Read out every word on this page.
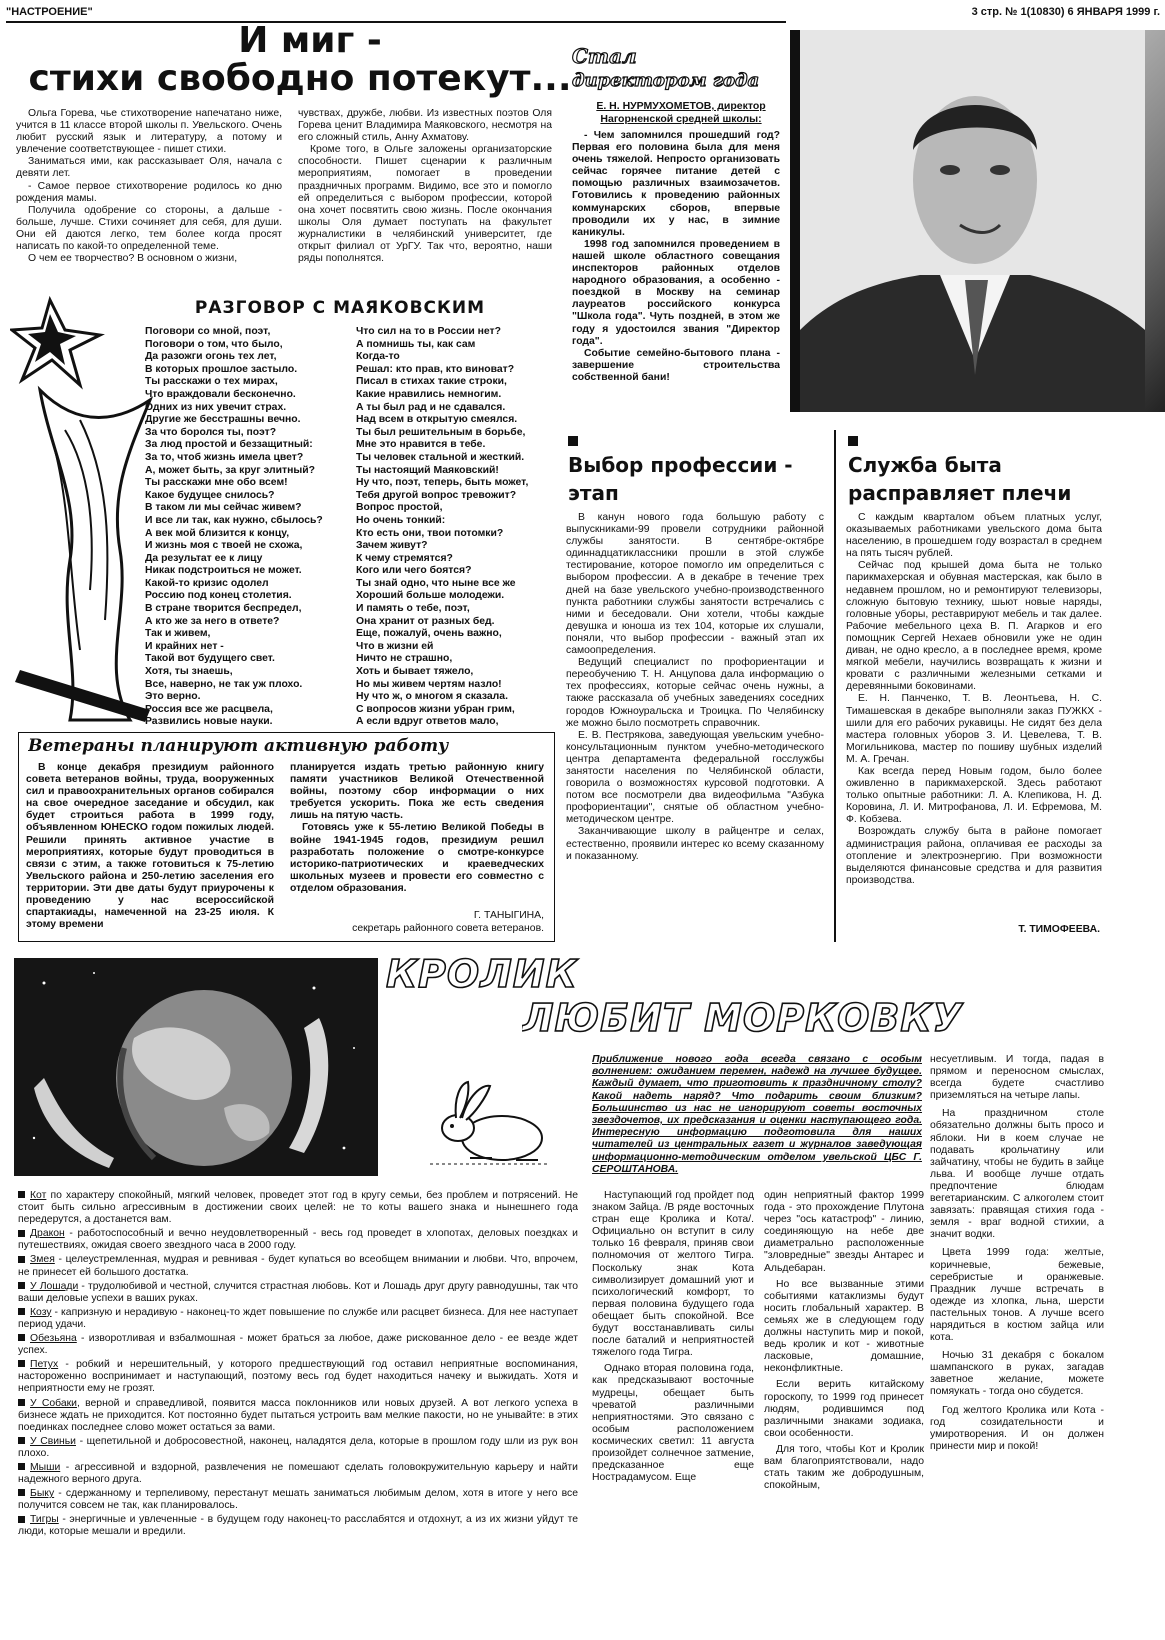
"НАСТРОЕНИЕ"	3 стр. № 1(10830) 6 ЯНВАРЯ 1999 г.
И миг -
стихи свободно потекут...

Ольга Горева, чье стихотворение напечатано ниже, учится в 11 классе второй школы п. Увельского. Очень любит русский язык и литературу, а потому и увлечение соответствующее - пишет стихи.

Заниматься ими, как рассказывает Оля, начала с девяти лет.

- Самое первое стихотворение родилось ко дню рождения мамы.

Получила одобрение со стороны, а дальше - больше, лучше. Стихи сочиняет для себя, для души. Они ей даются легко, тем более когда просят написать по какой-то определенной теме.

О чем ее творчество? В основном о жизни,

чувствах, дружбе, любви. Из известных поэтов Оля Горева ценит Владимира Маяковского, несмотря на его сложный стиль, Анну Ахматову.

Кроме того, в Ольге заложены организаторские способности. Пишет сценарии к различным мероприятиям, помогает в проведении праздничных программ. Видимо, все это и помогло ей определиться с выбором профессии, которой она хочет посвятить свою жизнь. После окончания школы Оля думает поступать на факультет журналистики в челябинский университет, где открыт филиал от УрГУ. Так что, вероятно, наши ряды пополнятся.

РАЗГОВОР С МАЯКОВСКИМ
Поговори со мной, поэт,
Поговори о том, что было,
Да разожги огонь тех лет,
В которых прошлое застыло.
Ты расскажи о тех мирах,
Что враждовали бесконечно.
Одних из них увечит страх.
Другие же бесстрашны вечно.
За что боролся ты, поэт?
За люд простой и беззащитный:
За то, чтоб жизнь имела цвет?
А, может быть, за круг элитный?
Ты расскажи мне обо всем!
Какое будущее снилось?
В таком ли мы сейчас живем?
И все ли так, как нужно, сбылось?
А век мой близится к концу,
И жизнь моя с твоей не схожа,
Да результат ее к лицу
Никак подстроиться не может.
Какой-то кризис одолел
Россию под конец столетия.
В стране творится беспредел,
А кто же за него в ответе?
Так и живем,
И крайних нет -
Такой вот будущего свет.
Хотя, ты знаешь,
Все, наверно, не так уж плохо.
Это верно.
Россия все же расцвела,
Развились новые науки.
Что сил на то в России нет?
А помнишь ты, как сам
Когда-то
Решал: кто прав, кто виноват?
Писал в стихах такие строки,
Какие нравились немногим.
А ты был рад и не сдавался.
Над всем в открытую смеялся.
Ты был решительным в борьбе,
Мне это нравится в тебе.
Ты человек стальной и жесткий.
Ты настоящий Маяковский!
Ну что, поэт, теперь, быть может,
Тебя другой вопрос тревожит?
Вопрос простой,
Но очень тонкий:
Кто есть они, твои потомки?
Зачем живут?
К чему стремятся?
Кого или чего боятся?
Ты знай одно, что ныне все же
Хороший больше молодежи.
И память о тебе, поэт,
Она хранит от разных бед.
Еще, пожалуй, очень важно,
Что в жизни ей
Ничто не страшно,
Хоть и бывает тяжело,
Но мы живем чертям назло!
Ну что ж, о многом я сказала.
С вопросов жизни убран грим,
А если вдруг ответов мало,
Стал
директором года
Е. Н. НУРМУХОМЕТОВ, директор Нагорненской средней школы:

- Чем запомнился прошедший год? Первая его половина была для меня очень тяжелой. Непросто организовать сейчас горячее питание детей с помощью различных взаимозачетов. Готовились к проведению районных коммунарских сборов, впервые проводили их у нас, в зимние каникулы.

1998 год запомнился проведением в нашей школе областного совещания инспекторов районных отделов народного образования, а особенно - поездкой в Москву на семинар лауреатов российского конкурса "Школа года". Чуть поздней, в этом же году я удостоился звания "Директор года".

Событие семейно-бытового плана - завершение строительства собственной бани!

Выбор профессии -
этап

В канун нового года большую работу с выпускниками-99 провели сотрудники районной службы занятости. В сентябре-октябре одиннадцатиклассники прошли в этой службе тестирование, которое помогло им определиться с выбором профессии. А в декабре в течение трех дней на базе увельского учебно-производственного пункта работники службы занятости встречались с ними и беседовали. Они хотели, чтобы каждые девушка и юноша из тех 104, которые их слушали, поняли, что выбор профессии - важный этап их самоопределения.

Ведущий специалист по профориентации и переобучению Т. Н. Анцупова дала информацию о тех профессиях, которые сейчас очень нужны, а также рассказала об учебных заведениях соседних городов Южноуральска и Троицка. По Челябинску же можно было посмотреть справочник.

Е. В. Пестрякова, заведующая увельским учебно-консультационным пунктом учебно-методического центра департамента федеральной госслужбы занятости населения по Челябинской области, говорила о возможностях курсовой подготовки. А потом все посмотрели два видеофильма "Азбука профориентации", снятые об областном учебно-методическом центре.

Заканчивающие школу в райцентре и селах, естественно, проявили интерес ко всему сказанному и показанному.

Служба быта
расправляет плечи

С каждым кварталом объем платных услуг, оказываемых работниками увельского дома быта населению, в прошедшем году возрастал в среднем на пять тысяч рублей.

Сейчас под крышей дома быта не только парикмахерская и обувная мастерская, как было в недавнем прошлом, но и ремонтируют телевизоры, сложную бытовую технику, шьют новые наряды, головные уборы, реставрируют мебель и так далее. Рабочие мебельного цеха В. П. Агарков и его помощник Сергей Нехаев обновили уже не один диван, не одно кресло, а в последнее время, кроме мягкой мебели, научились возвращать к жизни и кровати с различными железными сетками и деревянными боковинами.

Е. Н. Панченко, Т. В. Леонтьева, Н. С. Тимашевская в декабре выполняли заказ ПУЖКХ - шили для его рабочих рукавицы. Не сидят без дела мастера головных уборов З. И. Цевелева, Т. В. Могильникова, мастер по пошиву шубных изделий М. А. Гречан.

Как всегда перед Новым годом, было более оживленно в парикмахерской. Здесь работают только опытные работники: Л. А. Клепикова, Н. Д. Коровина, Л. И. Митрофанова, Л. И. Ефремова, М. Ф. Кобзева.

Возрождать службу быта в районе помогает администрация района, оплачивая ее расходы за отопление и электроэнергию. При возможности выделяются финансовые средства и для развития производства.

Т. ТИМОФЕЕВА.
Ветераны планируют активную работу

В конце декабря президиум районного совета ветеранов войны, труда, вооруженных сил и правоохранительных органов собирался на свое очередное заседание и обсудил, как будет строиться работа в 1999 году, объявленном ЮНЕСКО годом пожилых людей. Решили принять активное участие в мероприятиях, которые будут проводиться в связи с этим, а также готовиться к 75-летию Увельского района и 250-летию заселения его территории. Эти две даты будут приурочены к проведению у нас всероссийской спартакиады, намеченной на 23-25 июля. К этому времени

планируется издать третью районную книгу памяти участников Великой Отечественной войны, поэтому сбор информации о них требуется ускорить. Пока же есть сведения лишь на пятую часть.

Готовясь уже к 55-летию Великой Победы в войне 1941-1945 годов, президиум решил разработать положение о смотре-конкурсе историко-патриотических и краеведческих школьных музеев и провести его совместно с отделом образования.

Г. ТАНЫГИНА,
секретарь районного совета ветеранов.
КРОЛИК
ЛЮБИТ МОРКОВКУ
Приближение нового года всегда связано с особым волнением: ожиданием перемен, надежд на лучшее будущее. Каждый думает, что приготовить к праздничному столу? Какой надеть наряд? Что подарить своим близким? Большинство из нас не игнорируют советы восточных звездочетов, их предсказания и оценки наступающего года. Интересную информацию подготовила для наших читателей из центральных газет и журналов заведующая информационно-методическим отделом увельской ЦБС Г. СЕРОШТАНОВА.

несуетливым. И тогда, падая в прямом и переносном смыслах, всегда будете счастливо приземляться на четыре лапы.

На праздничном столе обязательно должны быть просо и яблоки. Ни в коем случае не подавать крольчатину или зайчатину, чтобы не будить в зайце льва. И вообще лучше отдать предпочтение блюдам вегетарианским. С алкоголем стоит завязать: правящая стихия года - земля - враг водной стихии, а значит водки.

Цвета 1999 года: желтые, коричневые, бежевые, серебристые и оранжевые. Праздник лучше встречать в одежде из хлопка, льна, шерсти пастельных тонов. А лучше всего нарядиться в костюм зайца или кота.

Ночью 31 декабря с бокалом шампанского в руках, загадав заветное желание, можете помяукать - тогда оно сбудется.

Год желтого Кролика или Кота - год созидательности и умиротворения. И он должен принести мир и покой!

Кот по характеру спокойный, мягкий человек, проведет этот год в кругу семьи, без проблем и потрясений. Не стоит быть сильно агрессивным в достижении своих целей: не то коты вашего знака и нынешнего года передерутся, а достанется вам.
Дракон - работоспособный и вечно неудовлетворенный - весь год проведет в хлопотах, деловых поездках и путешествиях, ожидая своего звездного часа в 2000 году.
Змея - целеустремленная, мудрая и ревнивая - будет купаться во всеобщем внимании и любви. Что, впрочем, не принесет ей большого достатка.
У Лошади - трудолюбивой и честной, случится страстная любовь. Кот и Лошадь друг другу равнодушны, так что ваши деловые успехи в ваших руках.
Козу - капризную и нерадивую - наконец-то ждет повышение по службе или расцвет бизнеса. Для нее наступает период удачи.
Обезьяна - изворотливая и взбалмошная - может браться за любое, даже рискованное дело - ее везде ждет успех.
Петух - робкий и нерешительный, у которого предшествующий год оставил неприятные воспоминания, настороженно воспринимает и наступающий, поэтому весь год будет находиться начеку и выжидать. Хотя и неприятности ему не грозят.
У Собаки, верной и справедливой, появится масса поклонников или новых друзей. А вот легкого успеха в бизнесе ждать не приходится. Кот постоянно будет пытаться устроить вам мелкие пакости, но не унывайте: в этих поединках последнее слово может остаться за вами.
У Свиньи - щепетильной и добросовестной, наконец, наладятся дела, которые в прошлом году шли из рук вон плохо.
Мыши - агрессивной и вздорной, развлечения не помешают сделать головокружительную карьеру и найти надежного верного друга.
Быку - сдержанному и терпеливому, перестанут мешать заниматься любимым делом, хотя в итоге у него все получится совсем не так, как планировалось.
Тигры - энергичные и увлеченные - в будущем году наконец-то расслабятся и отдохнут, а из их жизни уйдут те люди, которые мешали и вредили.

Наступающий год пройдет под знаком Зайца. /В ряде восточных стран еще Кролика и Кота/. Официально он вступит в силу только 16 февраля, приняв свои полномочия от желтого Тигра. Поскольку знак Кота символизирует домашний уют и психологический комфорт, то первая половина будущего года обещает быть спокойной. Все будут восстанавливать силы после баталий и неприятностей тяжелого года Тигра.

Однако вторая половина года, как предсказывают восточные мудрецы, обещает быть чреватой различными неприятностями. Это связано с особым расположением космических светил: 11 августа произойдет солнечное затмение, предсказанное еще Нострадамусом. Еще

один неприятный фактор 1999 года - это прохождение Плутона через "ось катастроф" - линию, соединяющую на небе две диаметрально расположенные "зловредные" звезды Антарес и Альдебаран.

Но все вызванные этими событиями катаклизмы будут носить глобальный характер. В семьях же в следующем году должны наступить мир и покой, ведь кролик и кот - животные ласковые, домашние, неконфликтные.

Если верить китайскому гороскопу, то 1999 год принесет людям, родившимся под различными знаками зодиака, свои особенности.

Для того, чтобы Кот и Кролик вам благоприятствовали, надо стать таким же добродушным, спокойным,
